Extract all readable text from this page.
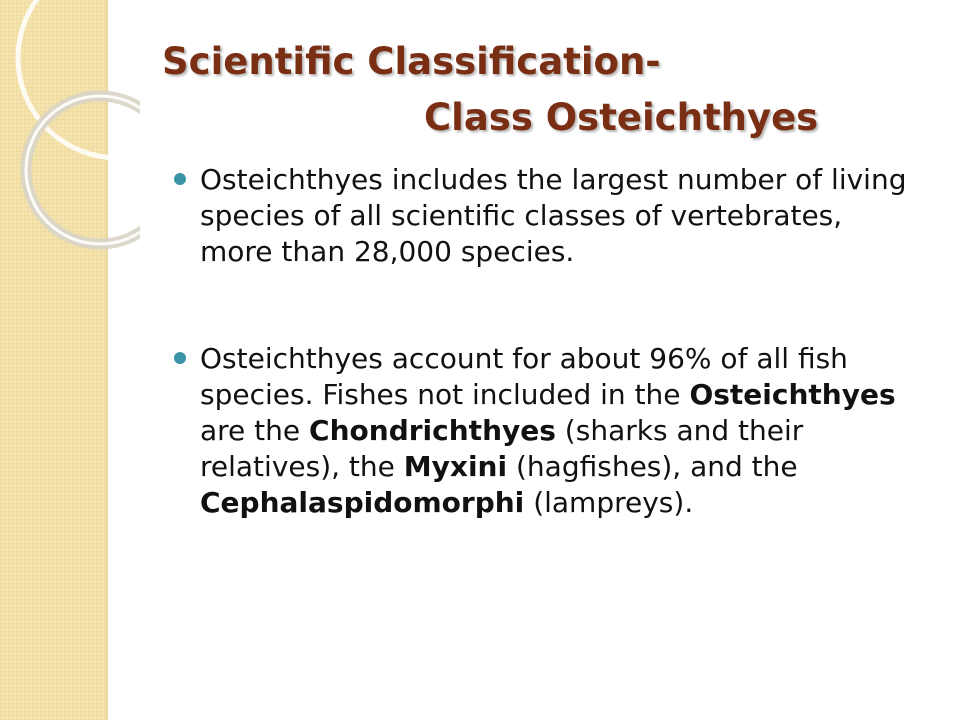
Scientific Classification-
Class Osteichthyes
Osteichthyes includes the largest number of living species of all scientific classes of vertebrates, more than 28,000 species.
Osteichthyes account for about 96% of all fish species. Fishes not included in the Osteichthyes are the Chondrichthyes (sharks and their relatives), the Myxini (hagfishes), and the Cephalaspidomorphi (lampreys).
